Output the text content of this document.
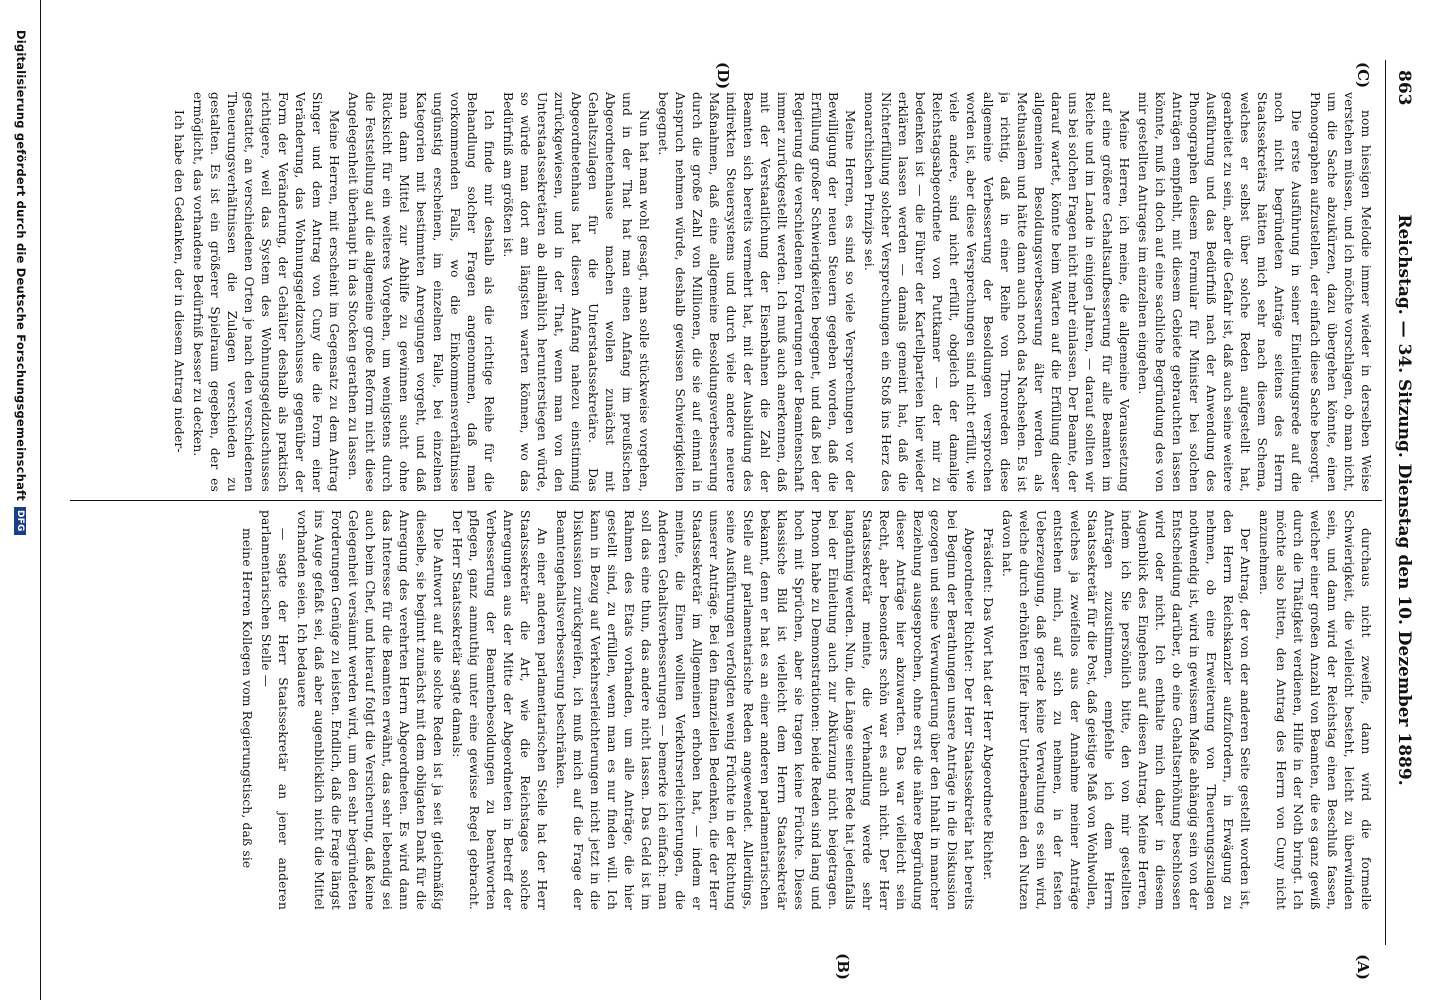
Reichstag. — 34. Sitzung. Dienstag den 10. Dezember 1889.
863
(C)
(D)
(A)
(B)

nom hiesigen Melodie immer wieder in derselben Weise verstehen müssen, und ich möchte vorschlagen, ob man nicht, um die Sache abzukürzen, dazu übergehen könnte, einen Phonographen aufzustellen, der einfach diese Sache besorgt.

Die erste Ausführung in seiner Einleitungsrede auf die noch nicht begründeten Anträge seitens des Herrn Staatssekretärs hätten mich sehr nach diesem Schema, welches er selbst über solche Reden aufgestellt hat, gearbeitet zu sein, aber die Gefahr ist, daß auch seine weitere Ausführung und das Bedürfniß nach der Anwendung des Phonographen diesem Formular für Minister bei solchen Anträgen empfiehlt, mit diesem Gebiete gebrauchten lassen könnte, muß ich doch auf eine sachliche Begründung des von mir gestellten Antrages im einzelnen eingehen.

Meine Herren, ich meine, die allgemeine Voraussetzung auf eine größere Gehaltsaufbesserung für alle Beamten im Reiche und im Lande in einigen Jahren, — darauf sollten wir uns bei solchen Fragen nicht mehr einlassen. Der Beamte, der darauf wartet, könnte beim Warten auf die Erfüllung dieser allgemeinen Besoldungsverbesserung älter werden als Methusalem und hätte dann auch noch das Nachsehen. Es ist ja richtig, daß in einer Reihe von Thronreden diese allgemeine Verbesserung der Besoldungen versprochen worden ist, aber diese Versprechungen sind nicht erfüllt, wie viele andere, sind nicht erfüllt, obgleich der damalige Reichstagsabgeordnete von Puttkamer — der mir zu bedenken ist — die Führer der Kartellparteien hier wieder erklären lassen werden — damals gemeint hat, daß die Nichterfüllung solcher Versprechungen ein Stoß ins Herz des monarchischen Prinzips sei.

Meine Herren, es sind so viele Versprechungen vor der Bewilligung der neuen Steuern gegeben worden, daß die Erfüllung großer Schwierigkeiten begegnet, und daß bei der Regierung die verschiedenen Forderungen der Beamtenschaft immer zurückgestellt werden. Ich muß auch anerkennen, daß mit der Verstaatlichung der Eisenbahnen die Zahl der Beamten sich bereits vermehrt hat, mit der Ausbildung des indirekten Steuersystems und durch viele andere neuere Maßnahmen, daß eine allgemeine Besoldungsverbesserung durch die große Zahl von Millionen, die sie auf einmal in Anspruch nehmen würde, deshalb gewissen Schwierigkeiten begegnet.

Nun hat man wohl gesagt, man solle stückweise vorgehen, und in der That hat man einen Anfang im preußischen Abgeordnetenhause machen wollen zunächst mit Gehaltszulagen für die Unterstaatssekretäre. Das Abgeordnetenhaus hat diesen Anfang nahezu einstimmig zurückgewiesen, und in der That, wenn man von den Unterstaatssekretären ab allmählich herunterstiegen würde, so würde man dort am längsten warten können, wo das Bedürfniß am größten ist.

Ich finde mir deshalb als die richtige Reihe für die Behandlung solcher Fragen angenommen, daß man vorkommenden Falls, wo die Einkommensverhältnisse ungünstig erscheinen, im einzelnen Falle, bei einzelnen Kategorien mit bestimmten Anregungen vorgeht, und daß man dann Mittel zur Abhilfe zu gewinnen sucht ohne Rücksicht für ein weiteres Vorgehen, um wenigstens durch die Feststellung auf die allgemeine große Reform nicht diese Angelegenheit überhaupt in das Stocken gerathen zu lassen.

Meine Herren, mit erscheint im Gegensatz zu dem Antrag Singer und dem Antrag von Cuny die die Form einer Veränderung, das Wohnungsgeldzuschusses gegenüber der Form der Veränderung, der Gehälter deshalb als praktisch richtigere, weil das System des Wohnungsgeldzuschusses gestattet, an verschiedenen Orten je nach den verschiedenen Theuerungsverhältnissen die Zulagen verschieden zu gestalten. Es ist ein größerer Spielraum gegeben, der es ermöglicht, das vorhandene Bedürfniß besser zu decken.

Ich habe den Gedanken, der in diesem Antrag nieder-

durchaus nicht zweifle, dann wird die formelle Schwierigkeit, die vielleicht besteht, leicht zu überwinden sein, und dann wird der Reichstag einen Beschluß fassen, welcher einer großen Anzahl von Beamten, die es ganz gewiß durch die Thätigkeit verdienen, Hilfe in der Noth bringt. Ich möchte also bitten, den Antrag des Herrn von Cuny nicht anzunehmen.

Der Antrag, der von der anderen Seite gestellt worden ist, den Herrn Reichskanzler aufzufordern, in Erwägung zu nehmen, ob eine Erweiterung von Theuerungszulagen nothwendig ist, wird in gewissem Maße abhängig sein von der Entscheidung darüber, ob eine Gehaltserhöhung beschlossen wird oder nicht. Ich enthalte mich daher in diesem Augenblick des Eingehens auf diesen Antrag. Meine Herren, indem ich Sie persönlich bitte, den von mir gestellten Anträgen zuzustimmen, empfehle ich dem Herrn Staatssekretär für die Post, daß geistige Maß von Wohlwollen, welches ja zweifellos aus der Annahme meiner Anträge entstehen mich, auf sich zu nehmen, in der festen Ueberzeugung, daß gerade keine Verwaltung es sein wird, welche durch erhöhten Eifer ihrer Unterbeamten den Nutzen davon hat.

Präsident: Das Wort hat der Herr Abgeordnete Richter.

Abgeordneter Richter: Der Herr Staatssekretär hat bereits bei Beginn der Berathungen unsere Anträge in die Diskussion gezogen und seine Verwunderung über den Inhalt in mancher Beziehung ausgesprochen, ohne erst die nähere Begründung dieser Anträge hier abzuwarten. Das war vielleicht sein Recht, aber besonders schön war es auch nicht. Der Herr Staatssekretär meinte, die Verhandlung werde sehr langathmig werden. Nun, die Länge seiner Rede hat jedenfalls bei der Einleitung auch zur Abkürzung nicht beigetragen. Phonon habe zu Demonstrationen: beide Reden sind lang und hoch mit Sprüchen, aber sie tragen keine Früchte. Dieses klassische Bild ist vielleicht dem Herrn Staatssekretär bekannt, denn er hat es an einer anderen parlamentarischen Stelle auf parlamentarische Reden angewendet. Allerdings, seine Ausführungen verfolgten wenig Früchte in der Richtung unserer Anträge. Bei den finanziellen Bedenken, die der Herr Staatssekretär im Allgemeinen erhoben hat, — indem er meinte, die Einen wollten Verkehrserleichterungen, die Anderen Gehaltsverbesserungen — bemerke ich einfach: man soll das eine thun, das andere nicht lassen. Das Geld ist im Rahmen des Etats vorhanden, um alle Anträge, die hier gestellt sind, zu erfüllen, wenn man es nur finden will. Ich kann in Bezug auf Verkehrserleichterungen nicht jetzt in die Diskussion zurückgreifen, ich muß mich auf die Frage der Beamtengehaltsverbesserung beschränken.

An einer anderen parlamentarischen Stelle hat der Herr Staatssekretär die Art, wie die Reichstages solche Anregungen aus der Mitte der Abgeordneten in Betreff der Verbesserung der Beamtenbesoldungen zu beantworten pflegen, ganz anmuthig unter eine gewisse Regel gebracht. Der Herr Staatssekretär sagte damals:

Die Antwort auf alle solche Reden ist ja seit gleichmäßig dieselbe, sie beginnt zunächst mit dem obligaten Dank für die Anregung des verehrten Herrn Abgeordneten. Es wird dann das Interesse für die Beamten erwähnt, das sehr lebendig sei auch beim Chef, und hierauf folgt die Versicherung, daß keine Gelegenheit versäumt werden wird, um den sehr begründeten Forderungen Genüge zu leisten. Endlich, daß die Frage längst ins Auge gefaßt sei, daß aber augenblicklich nicht die Mittel vorhanden seien. Ich bedauere

— sagte der Herr Staatssekretär an jener anderen parlamentarischen Stelle —

meine Herren Kollegen vom Regierungstisch, daß sie

Digitalisierung gefördert durch die Deutsche ForschungsgemeinschaftDFG
